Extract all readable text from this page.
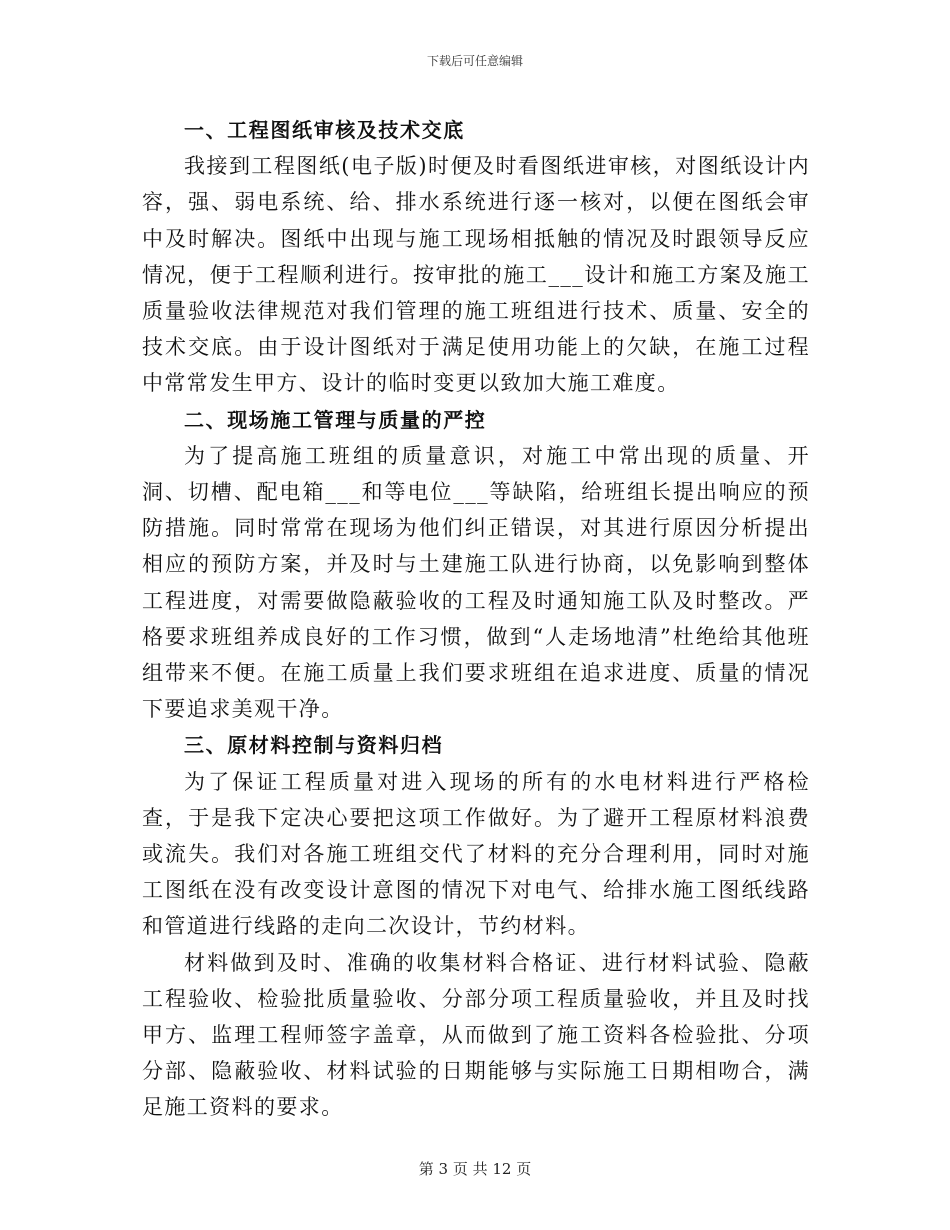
下载后可任意编辑
一、工程图纸审核及技术交底

我接到工程图纸(电子版)时便及时看图纸进审核，对图纸设计内容，强、弱电系统、给、排水系统进行逐一核对，以便在图纸会审中及时解决。图纸中出现与施工现场相抵触的情况及时跟领导反应情况，便于工程顺利进行。按审批的施工___设计和施工方案及施工质量验收法律规范对我们管理的施工班组进行技术、质量、安全的技术交底。由于设计图纸对于满足使用功能上的欠缺，在施工过程中常常发生甲方、设计的临时变更以致加大施工难度。

二、现场施工管理与质量的严控

为了提高施工班组的质量意识，对施工中常出现的质量、开洞、切槽、配电箱___和等电位___等缺陷，给班组长提出响应的预防措施。同时常常在现场为他们纠正错误，对其进行原因分析提出相应的预防方案，并及时与土建施工队进行协商，以免影响到整体工程进度，对需要做隐蔽验收的工程及时通知施工队及时整改。严格要求班组养成良好的工作习惯，做到“人走场地清”杜绝给其他班组带来不便。在施工质量上我们要求班组在追求进度、质量的情况下要追求美观干净。

三、原材料控制与资料归档

为了保证工程质量对进入现场的所有的水电材料进行严格检查，于是我下定决心要把这项工作做好。为了避开工程原材料浪费或流失。我们对各施工班组交代了材料的充分合理利用，同时对施工图纸在没有改变设计意图的情况下对电气、给排水施工图纸线路和管道进行线路的走向二次设计，节约材料。

材料做到及时、准确的收集材料合格证、进行材料试验、隐蔽工程验收、检验批质量验收、分部分项工程质量验收，并且及时找甲方、监理工程师签字盖章，从而做到了施工资料各检验批、分项分部、隐蔽验收、材料试验的日期能够与实际施工日期相吻合，满足施工资料的要求。

第 3 页 共 12 页
